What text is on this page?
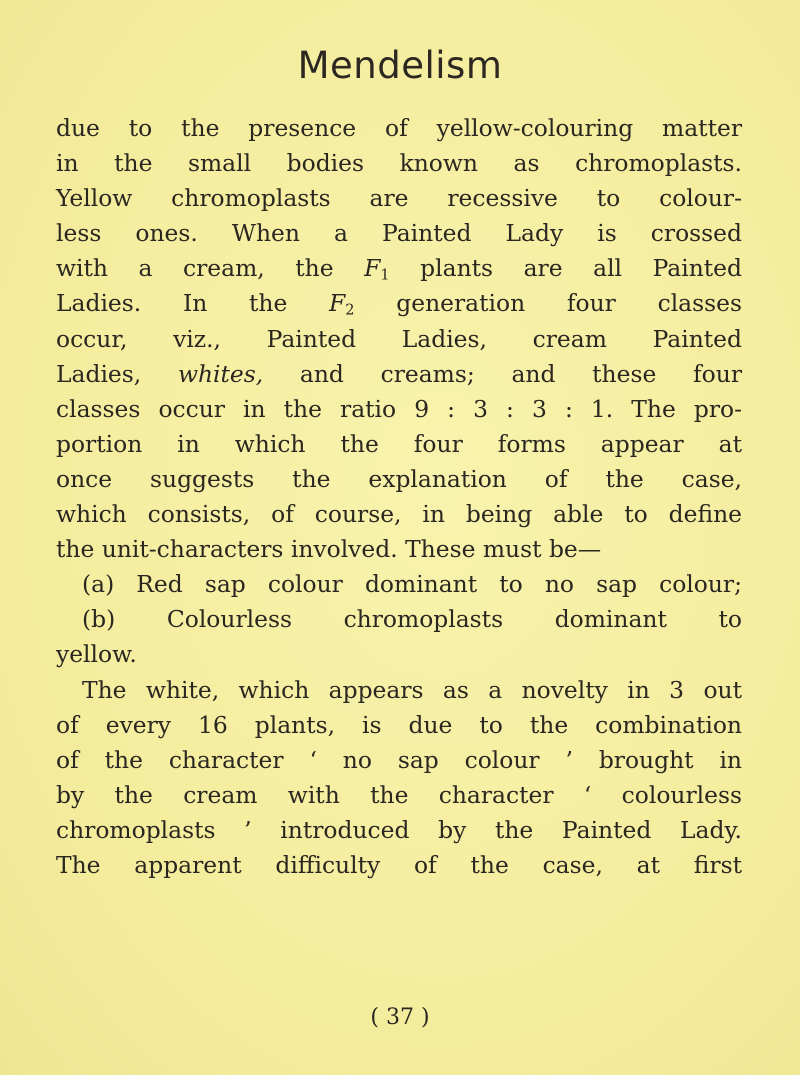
Mendelism
due to the presence of yellow-colouring matter
in the small bodies known as chromoplasts.
Yellow chromoplasts are recessive to colour-
less ones. When a Painted Lady is crossed
with a cream, the $F_1$ plants are all Painted
Ladies. In the $F_2$ generation four classes
occur, viz., Painted Ladies, cream Painted
Ladies, whites, and creams; and these four
classes occur in the ratio 9 : 3 : 3 : 1. The pro-
portion in which the four forms appear at
once suggests the explanation of the case,
which consists, of course, in being able to define
the unit-characters involved. These must be—
(a) Red sap colour dominant to no sap colour;
(b) Colourless chromoplasts dominant to
yellow.
The white, which appears as a novelty in 3 out
of every 16 plants, is due to the combination
of the character ‘ no sap colour ’ brought in
by the cream with the character ‘ colourless
chromoplasts ’ introduced by the Painted Lady.
The apparent difficulty of the case, at first
( 37 )
